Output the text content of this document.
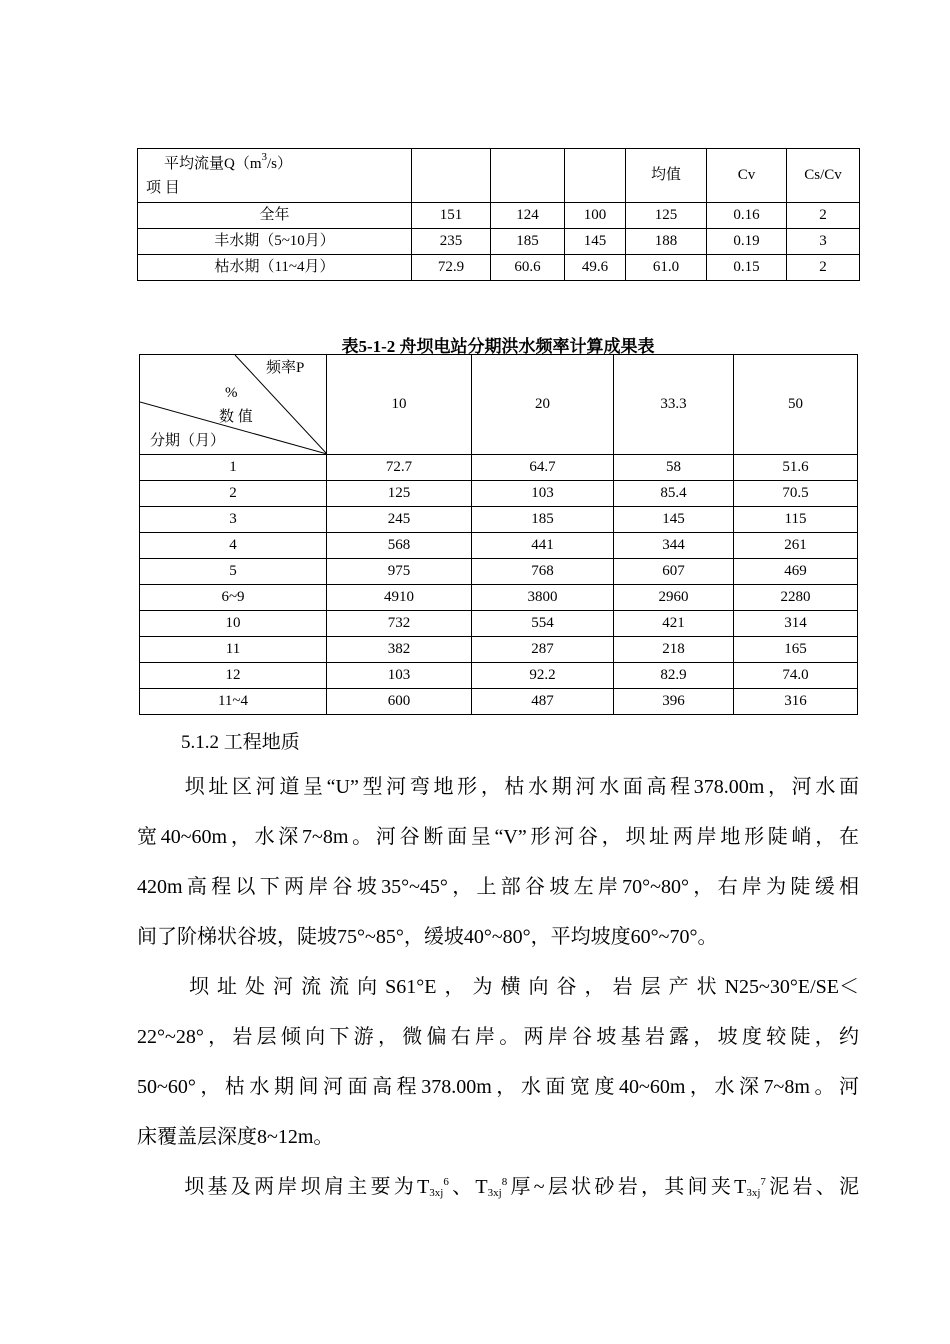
平均流量$Q(m^3/s)$
项 目				均值	Cv	Cs/Cv
全年	151	124	100	125	0.16	2
丰水期（5~10月）	235	185	145	188	0.19	3
枯水期（11~4月）	72.9	60.6	49.6	61.0	0.15	2
表5-1-2 舟坝电站分期洪水频率计算成果表
频率P
%
数 值
分期（月）	10	20	33.3	50
1	72.7	64.7	58	51.6
2	125	103	85.4	70.5
3	245	185	145	115
4	568	441	344	261
5	975	768	607	469
6~9	4910	3800	2960	2280
10	732	554	421	314
11	382	287	218	165
12	103	92.2	82.9	74.0
11~4	600	487	396	316
5.1.2 工程地质
坝址区河道呈“U”型河弯地形，枯水期河水面高程378.00m，河水面
宽40~60m，水深7~8m。河谷断面呈“V”形河谷，坝址两岸地形陡峭，在
420m高程以下两岸谷坡35°~45°，上部谷坡左岸70°~80°，右岸为陡缓相
间了阶梯状谷坡，陡坡75°~85°，缓坡40°~80°，平均坡度60°~70°。
坝址处河流流向S61°E，为横向谷，岩层产状N25~30°E/SE＜
22°~28°，岩层倾向下游，微偏右岸。两岸谷坡基岩露，坡度较陡，约
50~60°，枯水期间河面高程378.00m，水面宽度40~60m，水深7~8m。河
床覆盖层深度8~12m。
坝基及两岸坝肩主要为$T_{3xj}^6$、$T_{3xj}^8$厚~层状砂岩，其间夹$T_{3xj}^7$泥岩、泥
